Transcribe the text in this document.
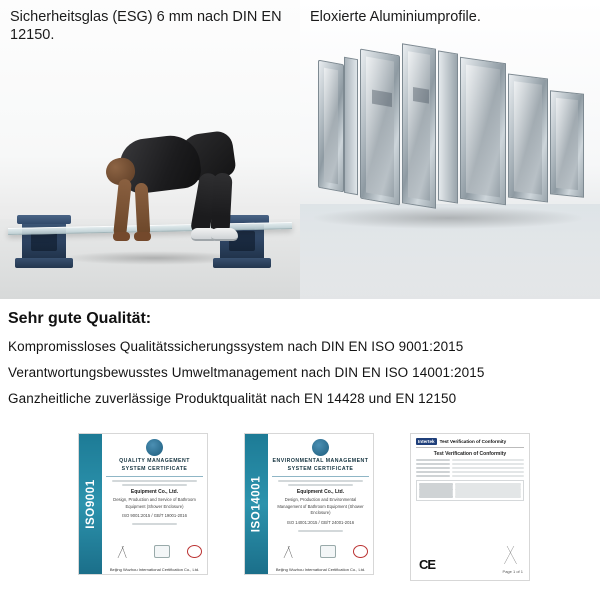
Sicherheitsglas (ESG) 6 mm nach DIN EN 12150.
Eloxierte Aluminiumprofile.
Sehr gute Qualität:
Kompromissloses Qualitätssicherungssystem nach DIN EN ISO 9001:2015
Verantwortungsbewusstes Umweltmanagement nach DIN EN ISO 14001:2015
Ganzheitliche zuverlässige Produktqualität nach EN 14428 und EN 12150
ISO9001
QUALITY MANAGEMENT SYSTEM CERTIFICATE
Equipment Co., Ltd.
Design, Production and Service of Bathroom Equipment (Shower Enclosure)
ISO 9001:2015 / GB/T 19001-2016
Beijing Wuzhou International Certification Co., Ltd.
ISO14001
ENVIRONMENTAL MANAGEMENT SYSTEM CERTIFICATE
Equipment Co., Ltd.
Design, Production and Environmental Management of Bathroom Equipment (Shower Enclosure)
ISO 14001:2015 / GB/T 24001-2016
Beijing Wuzhou International Certification Co., Ltd.
Intertek	Test Verification of Conformity
Test Verification of Conformity
CE	Page 1 of 1
